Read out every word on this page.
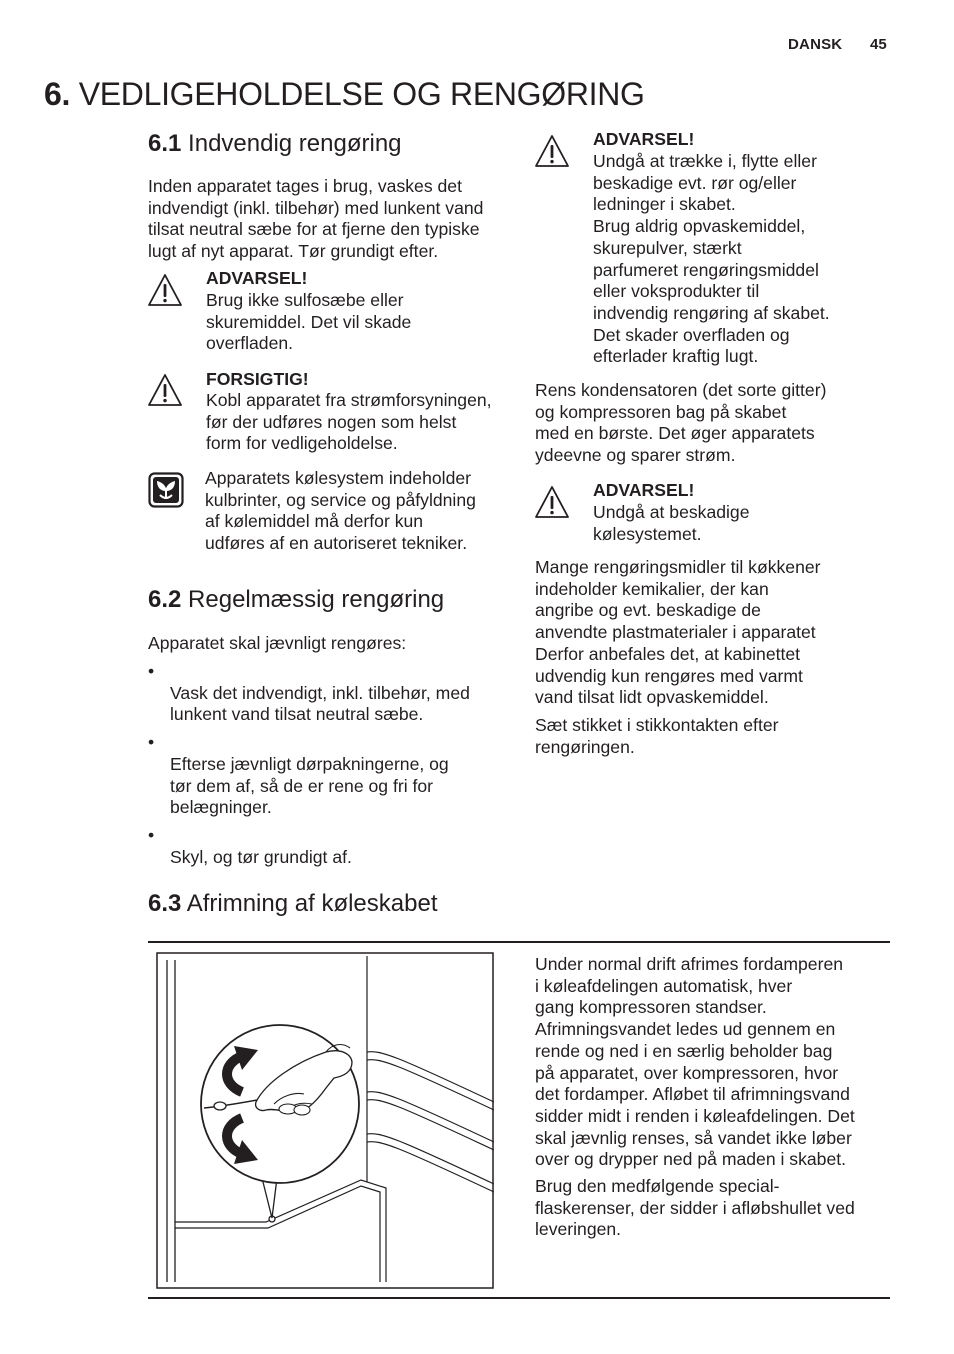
DANSK 45
6. VEDLIGEHOLDELSE OG RENGØRING
6.1 Indvendig rengøring

Inden apparatet tages i brug, vaskes det
indvendigt (inkl. tilbehør) med lunkent vand
tilsat neutral sæbe for at fjerne den typiske
lugt af nyt apparat. Tør grundigt efter.

ADVARSEL!
Brug ikke sulfosæbe eller
skuremiddel. Det vil skade
overfladen.
FORSIGTIG!
Kobl apparatet fra strømforsyningen,
før der udføres nogen som helst
form for vedligeholdelse.
Apparatets kølesystem indeholder
kulbrinter, og service og påfyldning
af kølemiddel må derfor kun
udføres af en autoriseret tekniker.
6.2 Regelmæssig rengøring

Apparatet skal jævnligt rengøres:

•
Vask det indvendigt, inkl. tilbehør, med
lunkent vand tilsat neutral sæbe.

•
Efterse jævnligt dørpakningerne, og
tør dem af, så de er rene og fri for
belægninger.

•
Skyl, og tør grundigt af.

ADVARSEL!
Undgå at trække i, flytte eller
beskadige evt. rør og/eller
ledninger i skabet.
Brug aldrig opvaskemiddel,
skurepulver, stærkt
parfumeret rengøringsmiddel
eller voksprodukter til
indvendig rengøring af skabet.
Det skader overfladen og
efterlader kraftig lugt.

Rens kondensatoren (det sorte gitter)
og kompressoren bag på skabet
med en børste. Det øger apparatets
ydeevne og sparer strøm.

ADVARSEL!
Undgå at beskadige
kølesystemet.

Mange rengøringsmidler til køkkener
indeholder kemikalier, der kan
angribe og evt. beskadige de
anvendte plastmaterialer i apparatet
Derfor anbefales det, at kabinettet
udvendig kun rengøres med varmt
vand tilsat lidt opvaskemiddel.

Sæt stikket i stikkontakten efter
rengøringen.

6.3 Afrimning af køleskabet

Under normal drift afrimes fordamperen
i køleafdelingen automatisk, hver
gang kompressoren standser.
Afrimningsvandet ledes ud gennem en
rende og ned i en særlig beholder bag
på apparatet, over kompressoren, hvor
det fordamper. Afløbet til afrimningsvand
sidder midt i renden i køleafdelingen. Det
skal jævnlig renses, så vandet ikke løber
over og drypper ned på maden i skabet.

Brug den medfølgende special-
flaskerenser, der sidder i afløbshullet ved
leveringen.
